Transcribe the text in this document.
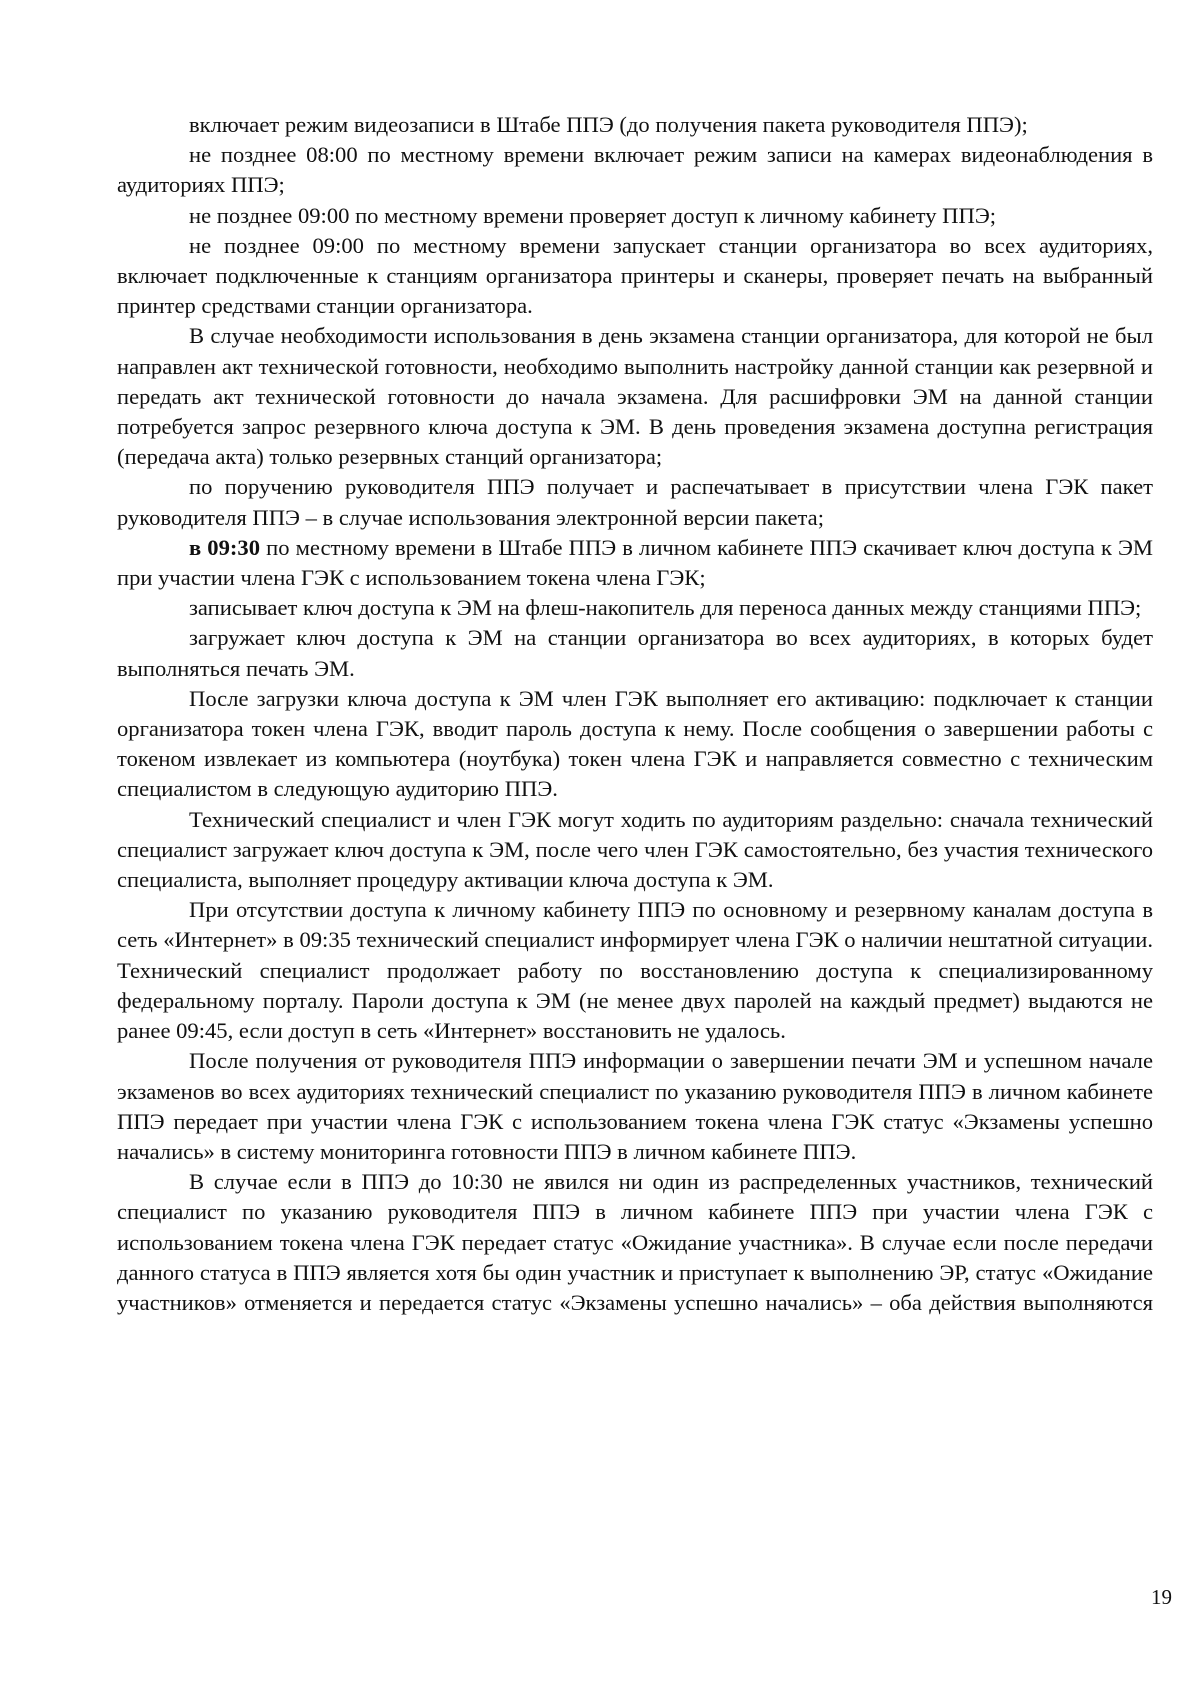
включает режим видеозаписи в Штабе ППЭ (до получения пакета руководителя ППЭ);

не позднее 08:00 по местному времени включает режим записи на камерах видеонаблюдения в аудиториях ППЭ;

не позднее 09:00 по местному времени проверяет доступ к личному кабинету ППЭ;

не позднее 09:00 по местному времени запускает станции организатора во всех аудиториях, включает подключенные к станциям организатора принтеры и сканеры, проверяет печать на выбранный принтер средствами станции организатора.

В случае необходимости использования в день экзамена станции организатора, для которой не был направлен акт технической готовности, необходимо выполнить настройку данной станции как резервной и передать акт технической готовности до начала экзамена. Для расшифровки ЭМ на данной станции потребуется запрос резервного ключа доступа к ЭМ. В день проведения экзамена доступна регистрация (передача акта) только резервных станций организатора;

по поручению руководителя ППЭ получает и распечатывает в присутствии члена ГЭК пакет руководителя ППЭ – в случае использования электронной версии пакета;

в 09:30 по местному времени в Штабе ППЭ в личном кабинете ППЭ скачивает ключ доступа к ЭМ при участии члена ГЭК с использованием токена члена ГЭК;

записывает ключ доступа к ЭМ на флеш-накопитель для переноса данных между станциями ППЭ;

загружает ключ доступа к ЭМ на станции организатора во всех аудиториях, в которых будет выполняться печать ЭМ.

После загрузки ключа доступа к ЭМ член ГЭК выполняет его активацию: подключает к станции организатора токен члена ГЭК, вводит пароль доступа к нему. После сообщения о завершении работы с токеном извлекает из компьютера (ноутбука) токен члена ГЭК и направляется совместно с техническим специалистом в следующую аудиторию ППЭ.

Технический специалист и член ГЭК могут ходить по аудиториям раздельно: сначала технический специалист загружает ключ доступа к ЭМ, после чего член ГЭК самостоятельно, без участия технического специалиста, выполняет процедуру активации ключа доступа к ЭМ.

При отсутствии доступа к личному кабинету ППЭ по основному и резервному каналам доступа в сеть «Интернет» в 09:35 технический специалист информирует члена ГЭК о наличии нештатной ситуации. Технический специалист продолжает работу по восстановлению доступа к специализированному федеральному порталу. Пароли доступа к ЭМ (не менее двух паролей на каждый предмет) выдаются не ранее 09:45, если доступ в сеть «Интернет» восстановить не удалось.

После получения от руководителя ППЭ информации о завершении печати ЭМ и успешном начале экзаменов во всех аудиториях технический специалист по указанию руководителя ППЭ в личном кабинете ППЭ передает при участии члена ГЭК с использованием токена члена ГЭК статус «Экзамены успешно начались» в систему мониторинга готовности ППЭ в личном кабинете ППЭ.

В случае если в ППЭ до 10:30 не явился ни один из распределенных участников, технический специалист по указанию руководителя ППЭ в личном кабинете ППЭ при участии члена ГЭК с использованием токена члена ГЭК передает статус «Ожидание участника». В случае если после передачи данного статуса в ППЭ является хотя бы один участник и приступает к выполнению ЭР, статус «Ожидание участников» отменяется и передается статус «Экзамены успешно начались» – оба действия выполняются

19
